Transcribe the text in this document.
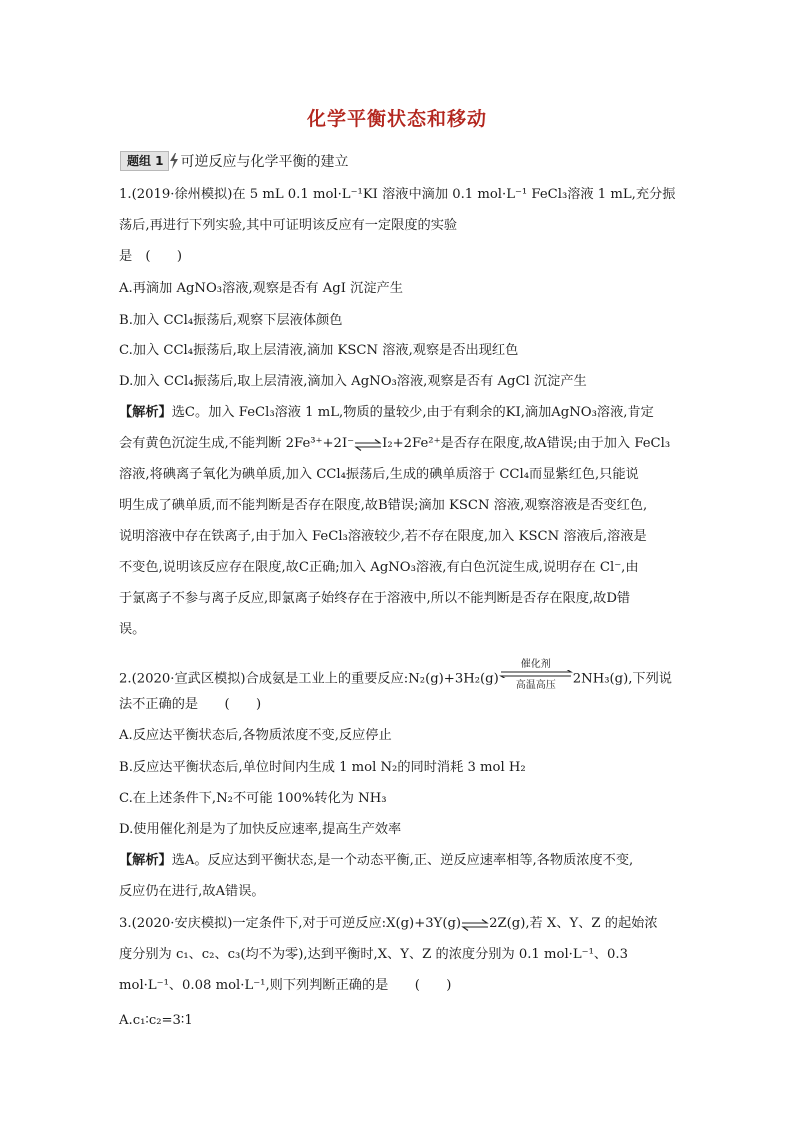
化学平衡状态和移动
题组 1	可逆反应与化学平衡的建立
1.(2019·徐州模拟)在 5 mL 0.1 mol·L⁻¹KI 溶液中滴加 0.1 mol·L⁻¹ FeCl₃溶液 1 mL,充分振
荡后,再进行下列实验,其中可证明该反应有一定限度的实验
是　(　　)
A.再滴加 AgNO₃溶液,观察是否有 AgI 沉淀产生
B.加入 CCl₄振荡后,观察下层液体颜色
C.加入 CCl₄振荡后,取上层清液,滴加 KSCN 溶液,观察是否出现红色
D.加入 CCl₄振荡后,取上层清液,滴加入 AgNO₃溶液,观察是否有 AgCl 沉淀产生
【解析】选C。加入 FeCl₃溶液 1 mL,物质的量较少,由于有剩余的KI,滴加AgNO₃溶液,肯定
会有黄色沉淀生成,不能判断 2Fe³⁺+2I⁻⇌I₂+2Fe²⁺是否存在限度,故A错误;由于加入 FeCl₃
溶液,将碘离子氧化为碘单质,加入 CCl₄振荡后,生成的碘单质溶于 CCl₄而显紫红色,只能说
明生成了碘单质,而不能判断是否存在限度,故B错误;滴加 KSCN 溶液,观察溶液是否变红色,
说明溶液中存在铁离子,由于加入 FeCl₃溶液较少,若不存在限度,加入 KSCN 溶液后,溶液是
不变色,说明该反应存在限度,故C正确;加入 AgNO₃溶液,有白色沉淀生成,说明存在 Cl⁻,由
于氯离子不参与离子反应,即氯离子始终存在于溶液中,所以不能判断是否存在限度,故D错
误。
2.(2020·宣武区模拟)合成氨是工业上的重要反应:N₂(g)+3H₂(g)
催化剂
高温高压	2NH₃(g),下列说
法不正确的是　　(　　)
A.反应达平衡状态后,各物质浓度不变,反应停止
B.反应达平衡状态后,单位时间内生成 1 mol N₂的同时消耗 3 mol H₂
C.在上述条件下,N₂不可能 100%转化为 NH₃
D.使用催化剂是为了加快反应速率,提高生产效率
【解析】选A。反应达到平衡状态,是一个动态平衡,正、逆反应速率相等,各物质浓度不变,
反应仍在进行,故A错误。
3.(2020·安庆模拟)一定条件下,对于可逆反应:X(g)+3Y(g)⇌2Z(g),若 X、Y、Z 的起始浓
度分别为 c₁、c₂、c₃(均不为零),达到平衡时,X、Y、Z 的浓度分别为 0.1 mol·L⁻¹、0.3
mol·L⁻¹、0.08 mol·L⁻¹,则下列判断正确的是　　(　　)
A.c₁∶c₂=3∶1
